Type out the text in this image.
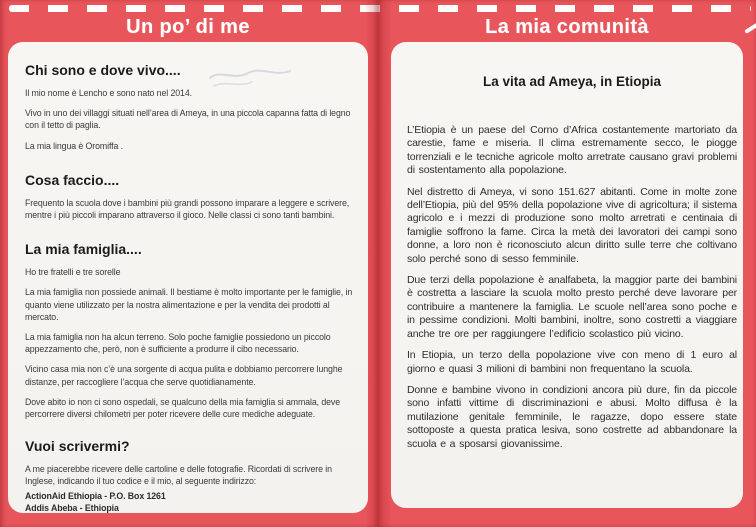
Un po’ di me	La mia comunità
Chi sono e dove vivo....

Il mio nome è Lencho e sono nato nel 2014.

Vivo in uno dei villaggi situati nell’area di Ameya, in una piccola capanna fatta di legno con il tetto di paglia.

La mia lingua è Oromiffa .

Cosa faccio....

Frequento la scuola dove i bambini più grandi possono imparare a leggere e scrivere, mentre i più piccoli imparano attraverso il gioco. Nelle classi ci sono tanti bambini.

La mia famiglia....

Ho tre fratelli e tre sorelle

La mia famiglia non possiede animali. Il bestiame è molto importante per le famiglie, in quanto viene utilizzato per la nostra alimentazione e per la vendita dei prodotti al mercato.

La mia famiglia non ha alcun terreno. Solo poche famiglie possiedono un piccolo appezzamento che, però, non è sufficiente a produrre il cibo necessario.

Vicino casa mia non c’è una sorgente di acqua pulita e dobbiamo percorrere lunghe distanze, per raccogliere l’acqua che serve quotidianamente.

Dove abito io non ci sono ospedali, se qualcuno della mia famiglia si ammala, deve percorrere diversi chilometri per poter ricevere delle cure mediche adeguate.

Vuoi scrivermi?

A me piacerebbe ricevere delle cartoline e delle fotografie. Ricordati di scrivere in Inglese, indicando il tuo codice e il mio, al seguente indirizzo:

ActionAid Ethiopia - P.O. Box 1261
Addis Abeba - Ethiopia
La vita ad Ameya, in Etiopia

L’Etiopia è un paese del Corno d’Africa costantemente martoriato da carestie, fame e miseria. Il clima estremamente secco, le piogge torrenziali e le tecniche agricole molto arretrate causano gravi problemi di sostentamento alla popolazione.

Nel distretto di Ameya, vi sono 151.627 abitanti. Come in molte zone dell’Etiopia, più del 95% della popolazione vive di agricoltura; il sistema agricolo e i mezzi di produzione sono molto arretrati e centinaia di famiglie soffrono la fame. Circa la metà dei lavoratori dei campi sono donne, a loro non è riconosciuto alcun diritto sulle terre che coltivano solo perché sono di sesso femminile.

Due terzi della popolazione è analfabeta, la maggior parte dei bambini è costretta a lasciare la scuola molto presto perché deve lavorare per contribuire a mantenere la famiglia. Le scuole nell’area sono poche e in pessime condizioni. Molti bambini, inoltre, sono costretti a viaggiare anche tre ore per raggiungere l’edificio scolastico più vicino.

In Etiopia, un terzo della popolazione vive con meno di 1 euro al giorno e quasi 3 milioni di bambini non frequentano la scuola.

Donne e bambine vivono in condizioni ancora più dure, fin da piccole sono infatti vittime di discriminazioni e abusi. Molto diffusa è la mutilazione genitale femminile, le ragazze, dopo essere state sottoposte a questa pratica lesiva, sono costrette ad abbandonare la scuola e a sposarsi giovanissime.
